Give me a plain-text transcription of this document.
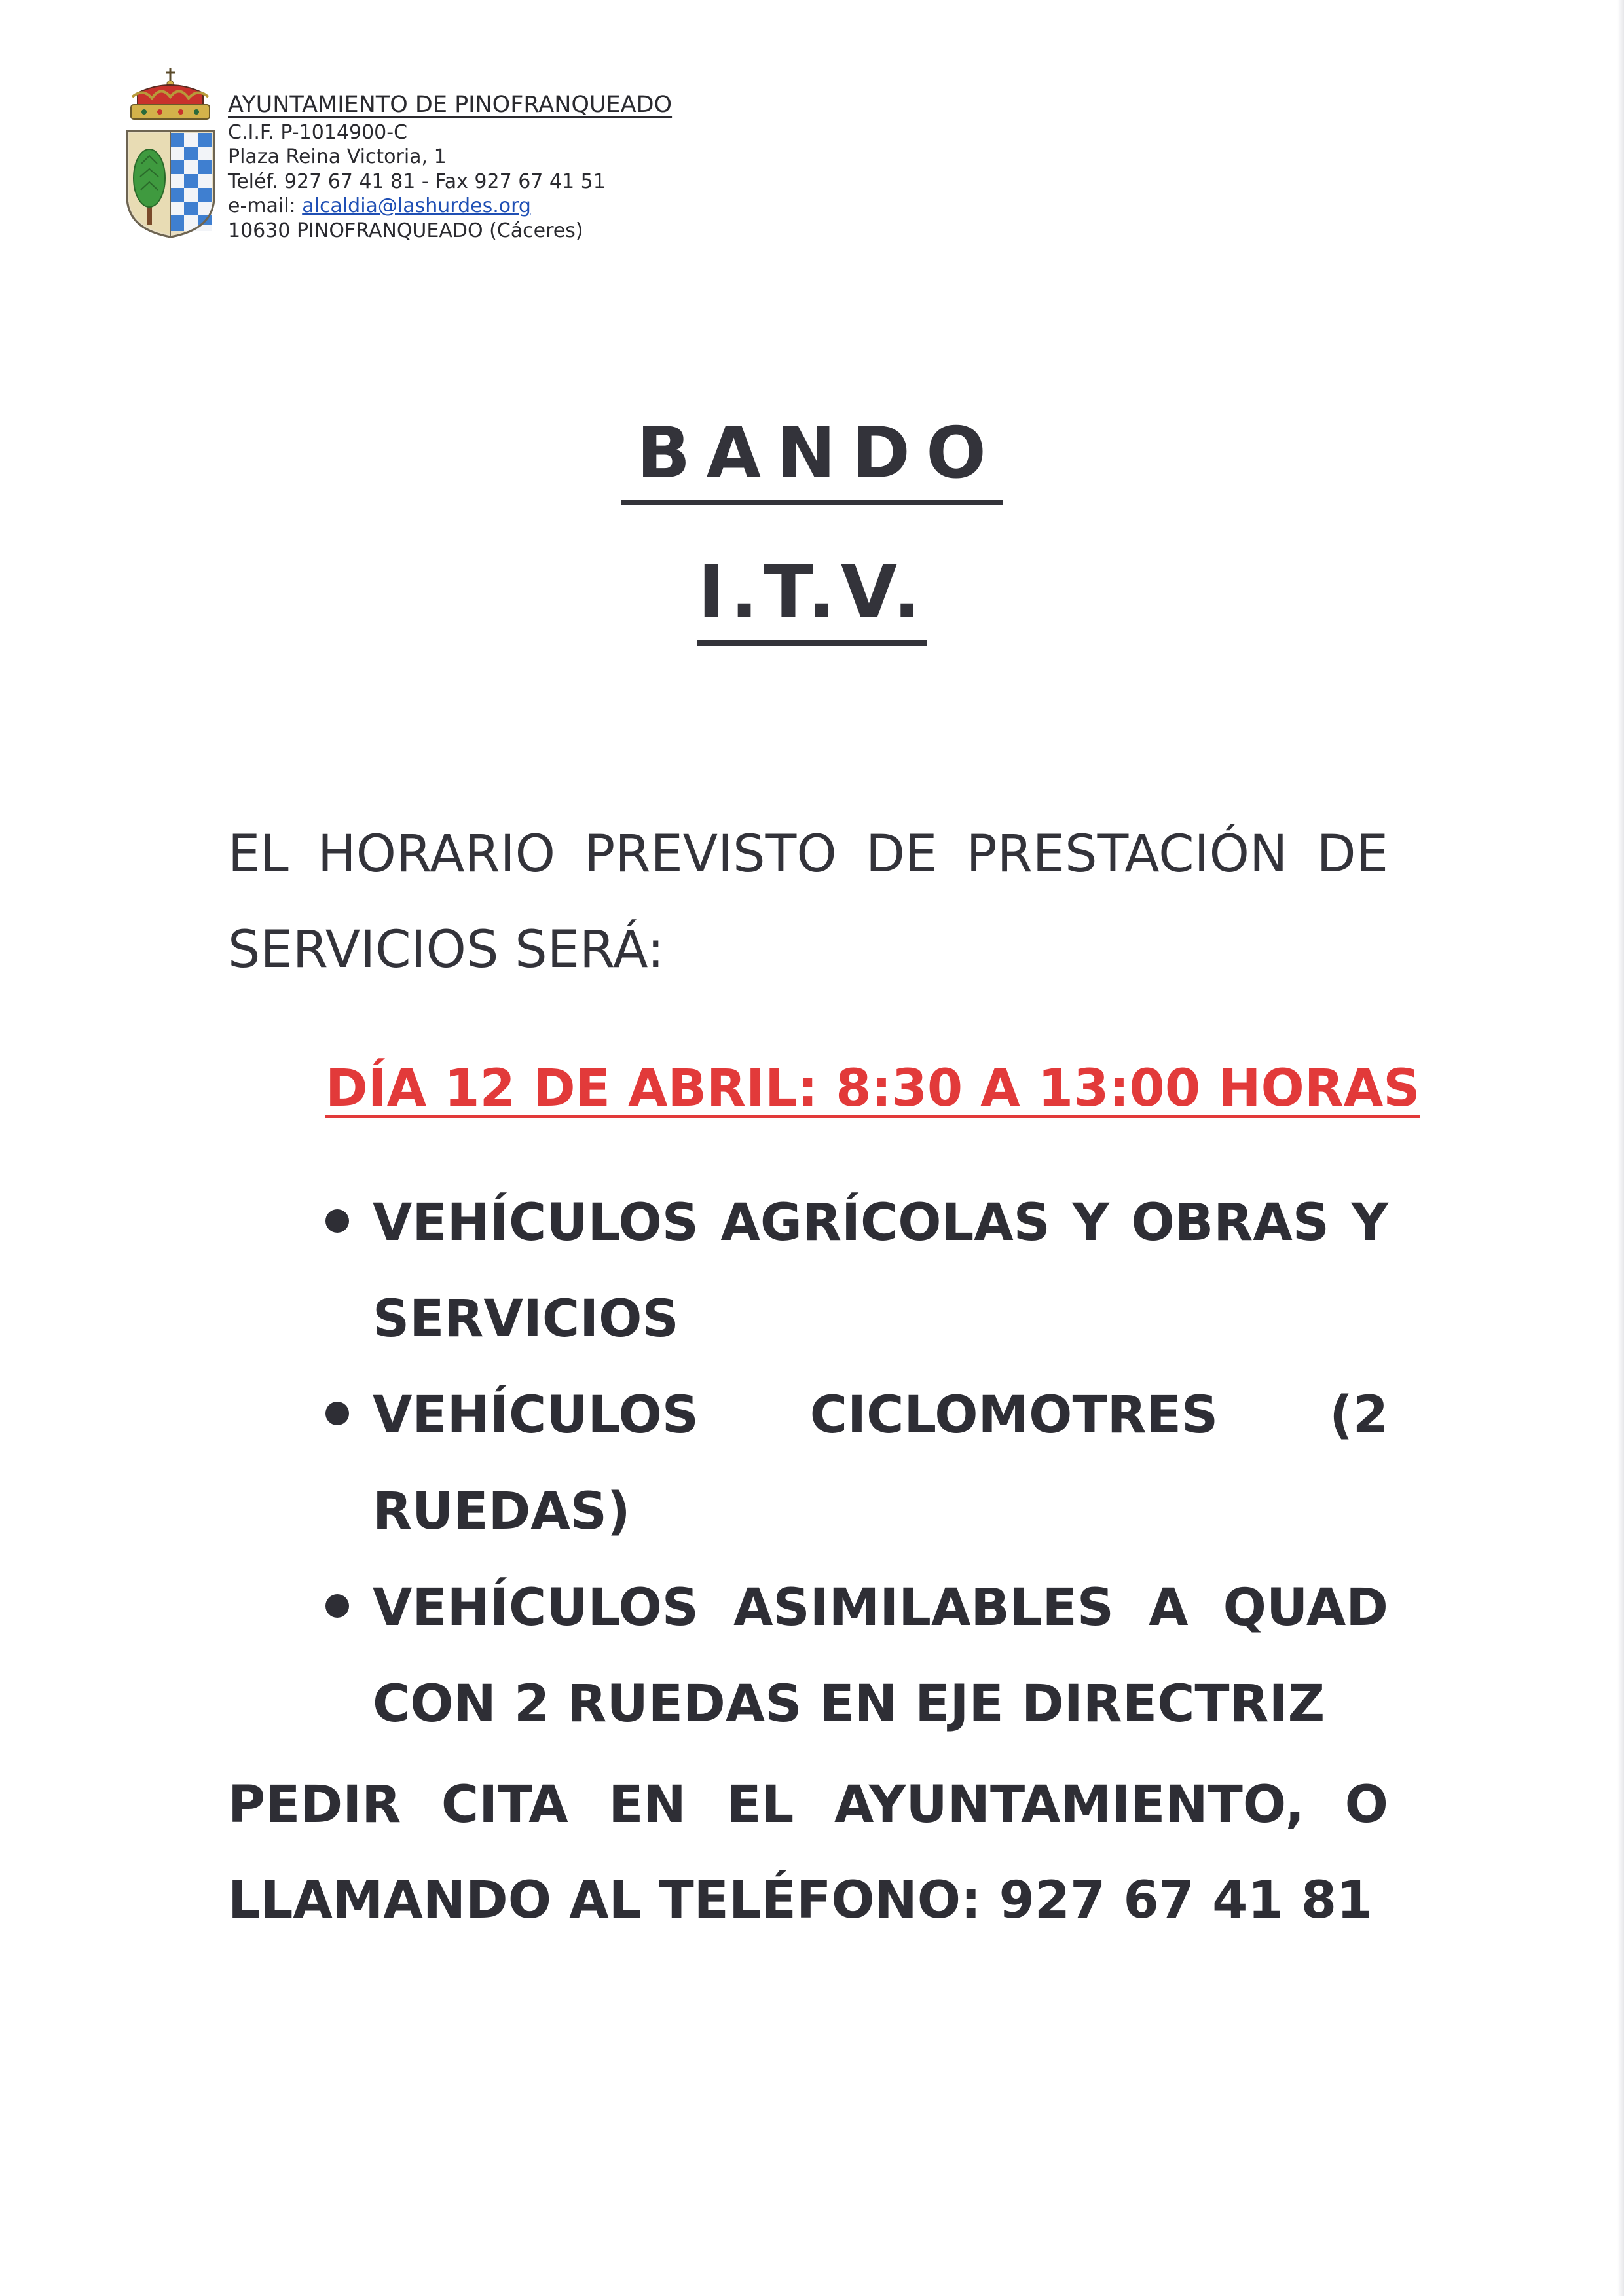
AYUNTAMIENTO DE PINOFRANQUEADO
C.I.F. P-1014900-C
Plaza Reina Victoria, 1
Teléf. 927 67 41 81 - Fax 927 67 41 51
e-mail: alcaldia@lashurdes.org
10630 PINOFRANQUEADO (Cáceres)
BANDO
I.T.V.
EL HORARIO PREVISTO DE PRESTACIÓN DE SERVICIOS SERÁ:
DÍA 12 DE ABRIL: 8:30 A 13:00 HORAS
VEHÍCULOS AGRÍCOLAS Y OBRAS Y SERVICIOS
VEHÍCULOS CICLOMOTRES (2 RUEDAS)
VEHÍCULOS ASIMILABLES A QUAD CON 2 RUEDAS EN EJE DIRECTRIZ
PEDIR CITA EN EL AYUNTAMIENTO, O LLAMANDO AL TELÉFONO: 927 67 41 81
